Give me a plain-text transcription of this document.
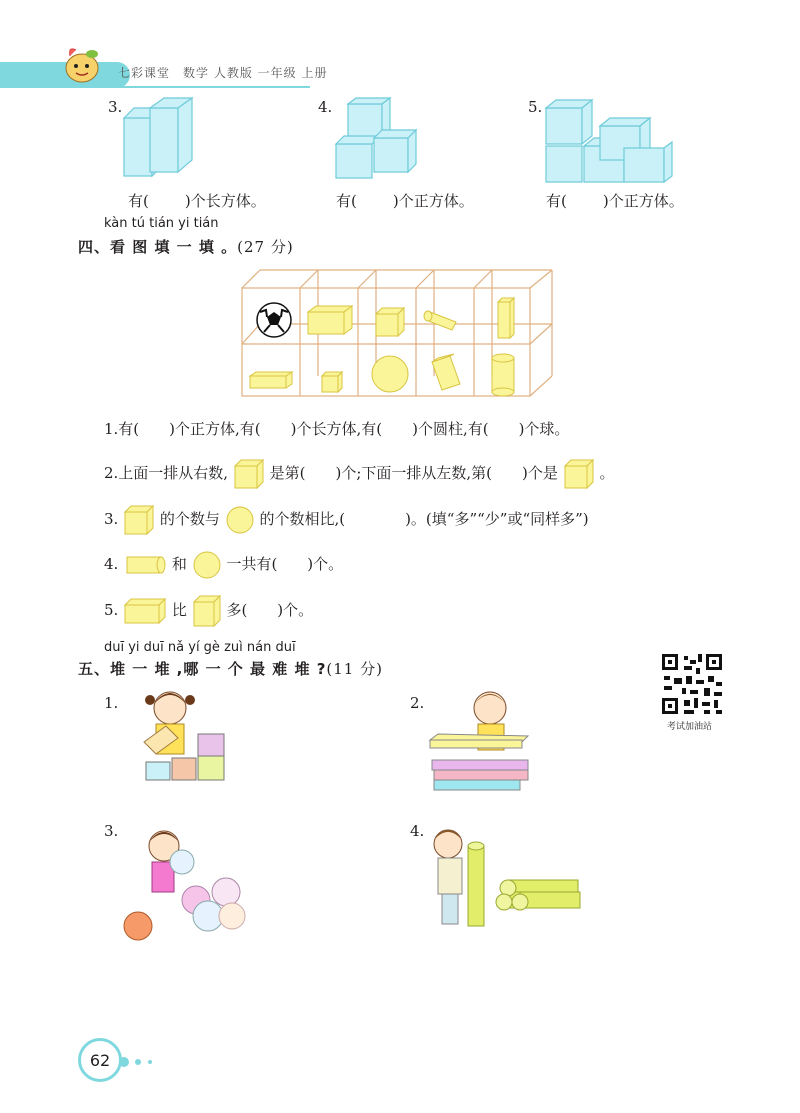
七彩课堂　数学 人教版 一年级 上册
3.
有( )个长方体。
4.
有( )个正方体。
5.
有( )个正方体。
kàn tú tián yi tián
四、看 图 填 一 填 。(27 分)
1.有(　　)个正方体,有(　　)个长方体,有(　　)个圆柱,有(　　)个球。
2.上面一排从右数,	是第(　　)个;下面一排从左数,第(　　)个是	。
3.	的个数与	的个数相比,(　　　　)。(填“多”“少”或“同样多”)
4.	和	一共有(　　)个。
5.	比	多(　　)个。
duī yi duī nǎ yí gè zuì nán duī
五、堆 一 堆 ,哪 一 个 最 难 堆 ?(11 分)
考试加油站
1.	2.
3.	4.
62
